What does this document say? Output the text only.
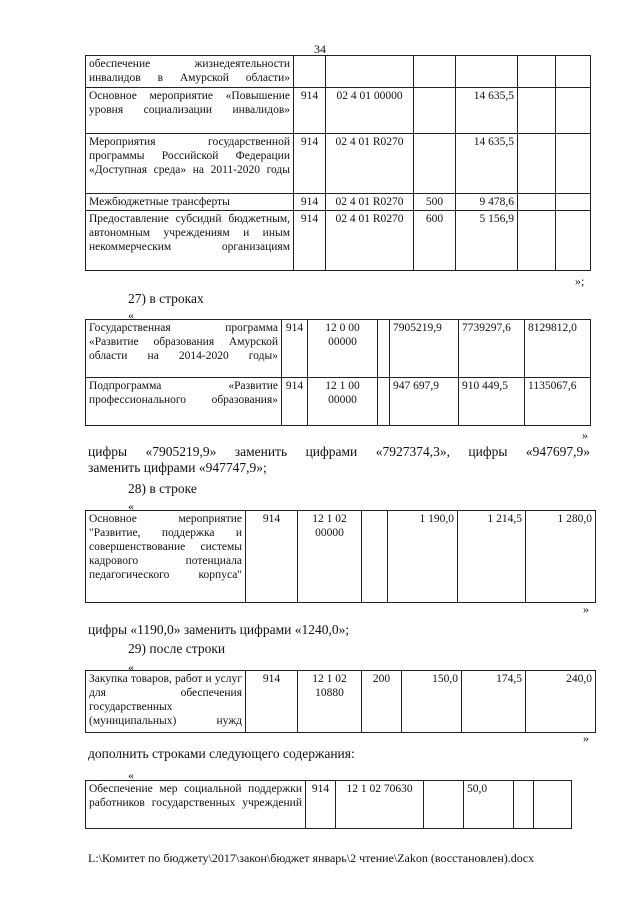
34
обеспечение жизнедеятельности инвалидов в Амурской области»						
Основное мероприятие «Повышение уровня социализации инвалидов»	914	02 4 01 00000		14 635,5		
Мероприятия государственной программы Российской Федерации «Доступная среда» на 2011-2020 годы	914	02 4 01 R0270		14 635,5		
Межбюджетные трансферты	914	02 4 01 R0270	500	9 478,6		
Предоставление субсидий бюджетным, автономным учреждениям и иным некоммерческим организациям	914	02 4 01 R0270	600	5 156,9		
»;
27) в строках
«
Государственная программа «Развитие образования Амурской области на 2014-2020 годы»	914	12 0 00 00000		7905219,9	7739297,6	8129812,0
Подпрограмма «Развитие профессионального образования»	914	12 1 00 00000		947 697,9	910 449,5	1135067,6
»
цифры «7905219,9» заменить цифрами «7927374,3», цифры «947697,9»
заменить цифрами «947747,9»;
28) в строке
«
Основное мероприятие "Развитие, поддержка и совершенствование системы кадрового потенциала педагогического корпуса"	914	12 1 02 00000		1 190,0	1 214,5	1 280,0
»
цифры «1190,0» заменить цифрами «1240,0»;
29) после строки
«
Закупка товаров, работ и услуг для обеспечения государственных (муниципальных) нужд	914	12 1 02 10880	200	150,0	174,5	240,0
»
дополнить строками следующего содержания:
«
Обеспечение мер социальной поддержки работников государственных учреждений	914	12 1 02 70630		50,0		
L:\Комитет по бюджету\2017\закон\бюджет январь\2 чтение\Zakon (восстановлен).docx
